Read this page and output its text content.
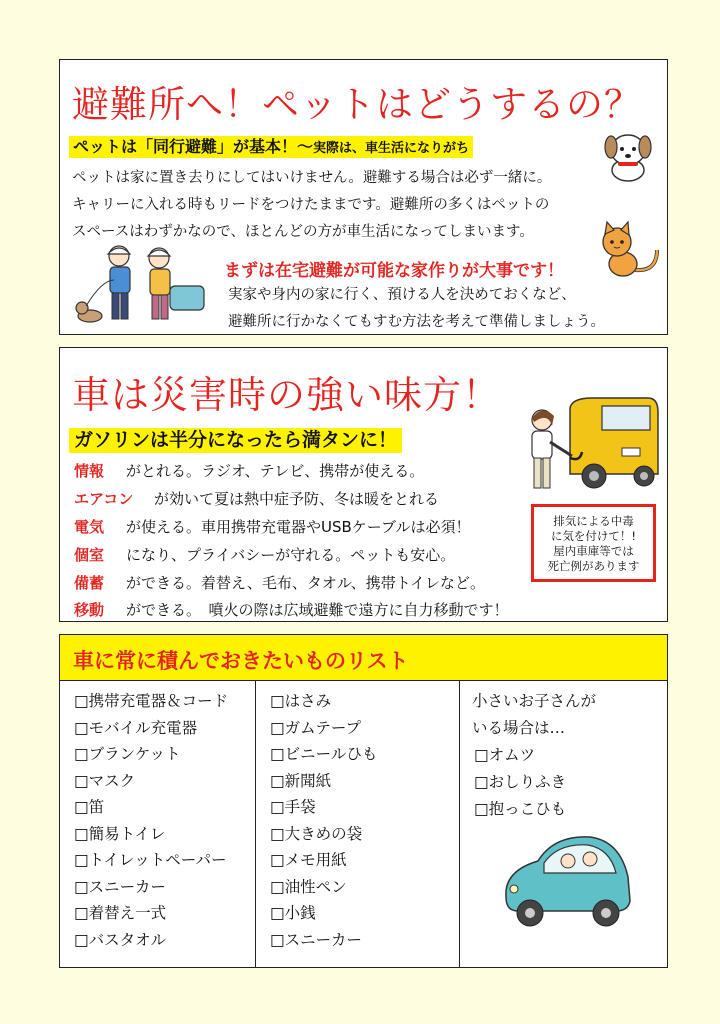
避難所へ！ペットはどうするの？
ペットは「同行避難」が基本！～実際は、車生活になりがち
ペットは家に置き去りにしてはいけません。避難する場合は必ず一緒に。
キャリーに入れる時もリードをつけたままです。避難所の多くはペットの
スペースはわずかなので、ほとんどの方が車生活になってしまいます。
まずは在宅避難が可能な家作りが大事です！
実家や身内の家に行く、預ける人を決めておくなど、
避難所に行かなくてもすむ方法を考えて準備しましょう。
車は災害時の強い味方！
ガソリンは半分になったら満タンに！
情報 がとれる。ラジオ、テレビ、携帯が使える。
エアコン が効いて夏は熱中症予防、冬は暖をとれる
電気 が使える。車用携帯充電器やUSBケーブルは必須！
個室 になり、プライバシーが守れる。ペットも安心。
備蓄 ができる。着替え、毛布、タオル、携帯トイレなど。
移動 ができる。　噴火の際は広域避難で遠方に自力移動です！
排気による中毒
に気を付けて！!
屋内車庫等では
死亡例があります
車に常に積んでおきたいものリスト
□携帯充電器＆コード
□モバイル充電器
□ブランケット
□マスク
□笛
□簡易トイレ
□トイレットペーパー
□スニーカー
□着替え一式
□バスタオル
□はさみ
□ガムテープ
□ビニールひも
□新聞紙
□手袋
□大きめの袋
□メモ用紙
□油性ペン
□小銭
□スニーカー
小さいお子さんが
いる場合は…
□オムツ
□おしりふき
□抱っこひも
